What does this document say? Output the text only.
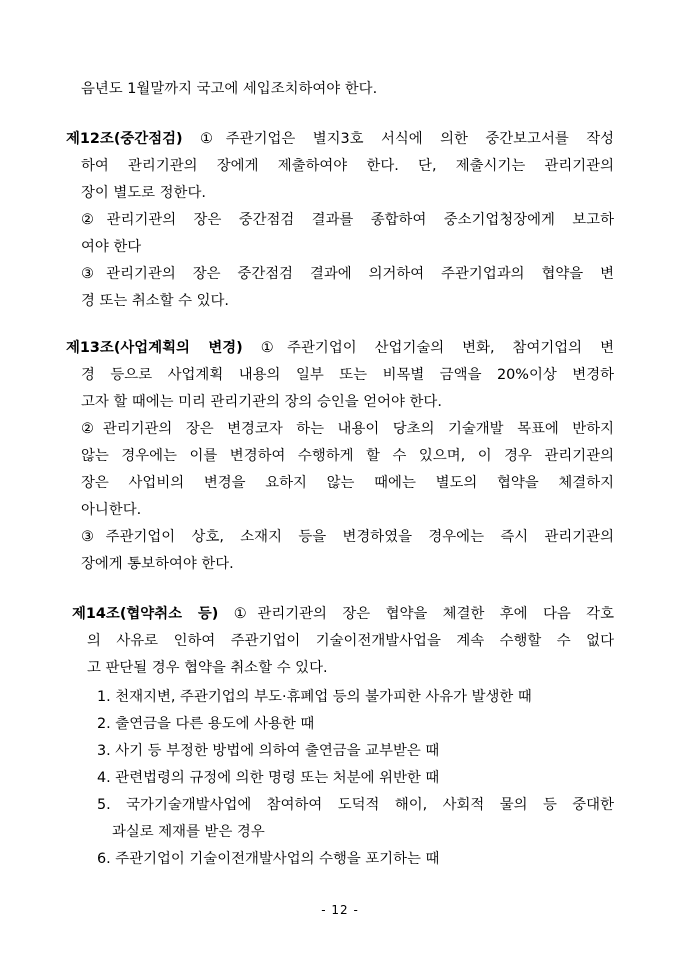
음년도 1월말까지 국고에 세입조치하여야 한다.
제12조(중간점검) ①주관기업은 별지3호 서식에 의한 중간보고서를 작성
하여 관리기관의 장에게 제출하여야 한다. 단, 제출시기는 관리기관의
장이 별도로 정한다.
②관리기관의 장은 중간점검 결과를 종합하여 중소기업청장에게 보고하
여야 한다
③관리기관의 장은 중간점검 결과에 의거하여 주관기업과의 협약을 변
경 또는 취소할 수 있다.
제13조(사업계획의 변경) ①주관기업이 산업기술의 변화, 참여기업의 변
경 등으로 사업계획 내용의 일부 또는 비목별 금액을 20%이상 변경하
고자 할 때에는 미리 관리기관의 장의 승인을 얻어야 한다.
②관리기관의 장은 변경코자 하는 내용이 당초의 기술개발 목표에 반하지
않는 경우에는 이를 변경하여 수행하게 할 수 있으며, 이 경우 관리기관의
장은 사업비의 변경을 요하지 않는 때에는 별도의 협약을 체결하지
아니한다.
③주관기업이 상호, 소재지 등을 변경하였을 경우에는 즉시 관리기관의
장에게 통보하여야 한다.
제14조(협약취소 등) ①관리기관의 장은 협약을 체결한 후에 다음 각호
의 사유로 인하여 주관기업이 기술이전개발사업을 계속 수행할 수 없다
고 판단될 경우 협약을 취소할 수 있다.
1. 천재지변, 주관기업의 부도·휴폐업 등의 불가피한 사유가 발생한 때
2. 출연금을 다른 용도에 사용한 때
3. 사기 등 부정한 방법에 의하여 출연금을 교부받은 때
4. 관련법령의 규정에 의한 명령 또는 처분에 위반한 때
5. 국가기술개발사업에 참여하여 도덕적 해이, 사회적 물의 등 중대한
과실로 제재를 받은 경우
6. 주관기업이 기술이전개발사업의 수행을 포기하는 때
- 12 -
